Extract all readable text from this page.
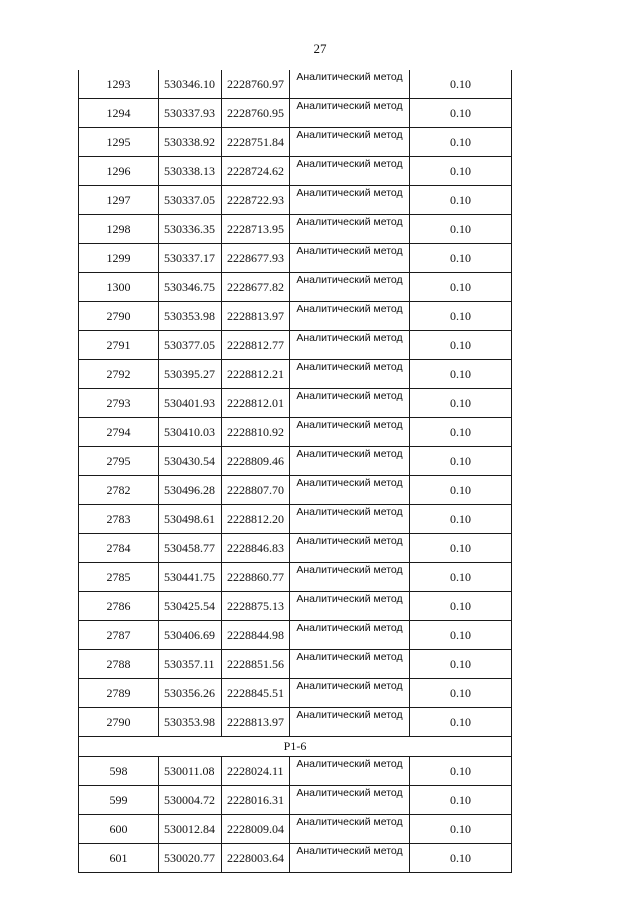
27
1293	530346.10	2228760.97	Аналитический метод	0.10
1294	530337.93	2228760.95	Аналитический метод	0.10
1295	530338.92	2228751.84	Аналитический метод	0.10
1296	530338.13	2228724.62	Аналитический метод	0.10
1297	530337.05	2228722.93	Аналитический метод	0.10
1298	530336.35	2228713.95	Аналитический метод	0.10
1299	530337.17	2228677.93	Аналитический метод	0.10
1300	530346.75	2228677.82	Аналитический метод	0.10
2790	530353.98	2228813.97	Аналитический метод	0.10
2791	530377.05	2228812.77	Аналитический метод	0.10
2792	530395.27	2228812.21	Аналитический метод	0.10
2793	530401.93	2228812.01	Аналитический метод	0.10
2794	530410.03	2228810.92	Аналитический метод	0.10
2795	530430.54	2228809.46	Аналитический метод	0.10
2782	530496.28	2228807.70	Аналитический метод	0.10
2783	530498.61	2228812.20	Аналитический метод	0.10
2784	530458.77	2228846.83	Аналитический метод	0.10
2785	530441.75	2228860.77	Аналитический метод	0.10
2786	530425.54	2228875.13	Аналитический метод	0.10
2787	530406.69	2228844.98	Аналитический метод	0.10
2788	530357.11	2228851.56	Аналитический метод	0.10
2789	530356.26	2228845.51	Аналитический метод	0.10
2790	530353.98	2228813.97	Аналитический метод	0.10
Р1-6				
598	530011.08	2228024.11	Аналитический метод	0.10
599	530004.72	2228016.31	Аналитический метод	0.10
600	530012.84	2228009.04	Аналитический метод	0.10
601	530020.77	2228003.64	Аналитический метод	0.10
